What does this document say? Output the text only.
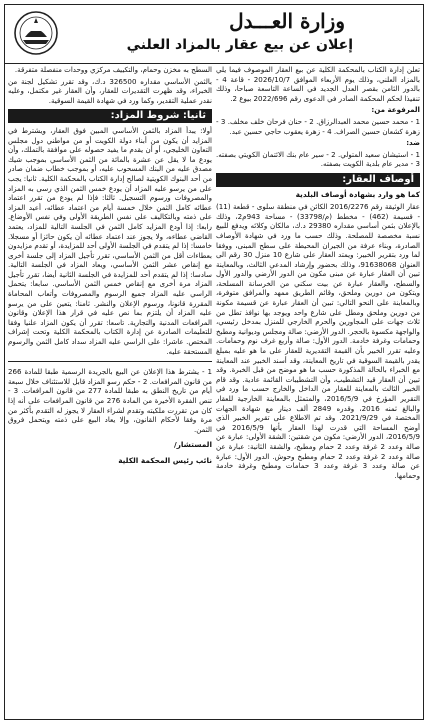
وزارة العـــدل
إعلان عن بيع عقار بالمزاد العلني

تعلن إدارة الكتاب بالمحكمة الكلية عن بيع العقار الموصوف فيما يلي بالمزاد العلني، وذلك يوم الأربعاء الموافق 2026/10/7 - قاعة 4 - بالدور الثامن بقصر العدل الجديد في الساعة التاسعة صباحا، وذلك تنفيذا لحكم المحكمة الصادر في الدعوى رقم 2022/696 بيوع 2.

المرفوعة من:

1 - محمد حسين محمد العبدالرزاق. 2 - حنان فرحان خلف مخلف. 3 - زهرة كشعان حسين الصراف. 4 - زهرة يعقوب حاجي حسين عبد.

ضد:

1 - استيشان سعيد المتولي. 2 - سير عام بنك الائتمان الكويتي بصفته. 3 - مدير عام بلدية الكويت بصفته.

أوصاف العقار:
كما هو وارد بشهادة أوصاف البلدية

عقار الوثيقة رقم 2016/2276 الكائن في منطقة سلوى - قطعة (11) - قسيمة (462) - مخطط (م/33798) - مساحة 943م2، وذلك بالإعلان بثمن أساسي مقداره 29380 د.ك، مالكان وكلائه ويدفع للبيع نسبة مخصصة للمصلحة. وذلك حسب ما ورد في شهادة الأوصاف الصادرة، وبناء عرفة من الجيران المحيطة على سطح المبنى، ووفقا لما ورد بتقرير الخبير: ويمتد العقار على شارع 10 منزل 30 رقم الى العنوان 91638068، وذلك بحضور وإرشاد المدعي الثالث، وبالمعاينة تبين أن العقار عبارة عن مبنى مكون من الدور الأرضي والدور الأول والسطح، والعقار عبارة عن بيت سكني من الخرسانة المسلحة، ويتكون من دورين وملحق، وقائم الطريق ممهد والمرافق متوفرة، وبالمعاينة على النحو التالي: تبين أن العقار عبارة عن قسيمة مكونة من دورين وملحق ومطل على شارع واحد ويوجد بها نوافذ تطل من ثلاث جهات على المجاورين والحرم الخارجي للمنزل بمدخل رئيسي، والواجهة مكسوة بالحجر. الدور الأرضي: صالة ومجلس وديوانية ومطبخ وحمامات وغرفة خادمة. الدور الأول: صالة وأربع غرف نوم وحمامات. وعليه تقرر الخبير بأن القيمة التقديرية للعقار على ما هو عليه بمبلغ يقدر بالقيمة السوقية في تاريخ المعاينة، وقد أسند الخبير عند المعاينة مع الخبراء بالحالة المذكورة حسب ما هو موضح من قبل الخبرة. وقد تبين أن العقار قيد التشطيب، وأن التشطيبات القائمة عادية. وقد قام الخبير الثالث بالمعاينة للعقار من الداخل والخارج حسب ما ورد في التقرير المؤرخ في 2016/5/9، والمتمثل بالمعاينة الخارجية للعقار والبالغ ثمنه 2016، وقدره 2849 ألف دينار مع شهادة الجهات المختصة في 2021/9/29. وقد تم الاطلاع على تقرير الخبير الذي أوضح المساحة التي قدرت لهذا العقار بأنها 2016/5/9 في 2016/5/9، الدور الأرضي: مكون من شقتين: الشقة الأولى: عبارة عن صالة وعدد 2 غرفة وعدد 2 حمام ومطبخ، والشقة الثانية: عبارة عن صالة وعدد 2 غرفة وعدد 2 حمام ومطبخ وحوش. الدور الأول: عبارة عن صالة وعدد 3 غرفة وعدد 3 حمامات ومطبخ وغرفة خادمة وحمامها.

السطح به مخزن وحمام، والتكييف مركزي ووحدات منفصلة متفرقة.

بالثمن الأساسي مقداره 326500 د.ك، وقد تقرر تشكيل لجنة من الخبراء، وقد ظهرت التقديرات للعقار، وأن العقار غير مكتمل، وعليه نقدر عملية التقدير، وكما ورد في شهادة القيمة السوقية.

ثانيا: شروط المزاد:

أولا: يبدأ المزاد بالثمن الأساسي المبين فوق العقار، ويشترط في المزايد أن يكون من أبناء دولة الكويت أو من مواطني دول مجلس التعاون الخليجي، أو أن يقدم ما يفيد حصوله على موافقة بالتملك، وأن يودع ما لا يقل عن عشرة بالمائة من الثمن الأساسي بموجب شيك مصدق عليه من البنك المسحوب عليه، أو بموجب خطاب ضمان صادر من أحد البنوك الكويتية لصالح إدارة الكتاب بالمحكمة الكلية. ثانيا: يجب على من يرسو عليه المزاد أن يودع خمس الثمن الذي رسى به المزاد والمصروفات ورسوم التسجيل. ثالثا: فإذا لم يودع من تقرر اعتماد عطائه كامل الثمن خلال خمسة أيام من اعتماد عطائه، أعيد المزاد على ذمته وبالتكاليف على نفس الطريقة الأولى وفي نفس الأوضاع. رابعا: إذا أودع المزايد كامل الثمن في الجلسة التالية للمزاد، يعتمد القاضي عطاءه، ولا يجوز عند اعتماد عطائه أن يكون حائزا أو مسجلا. خامسا: إذا لم يتقدم في الجلسة الأولى أحد للمزايدة، أو تقدم مزايدون بعطاءات أقل من الثمن الأساسي، تقرر تأجيل المزاد إلى جلسة أخرى مع إنقاص عشر الثمن الأساسي، ويعاد المزاد في الجلسة التالية. سادسا: إذا لم يتقدم أحد للمزايدة في الجلسة الثانية أيضا، تقرر تأجيل المزاد مرة أخرى مع إنقاص خمس الثمن الأساسي. سابعا: يتحمل الراسي عليه المزاد جميع الرسوم والمصروفات وأتعاب المحاماة المقررة قانونا، ورسوم الإعلان والنشر. ثامنا: يتعين على من يرسو عليه المزاد أن يلتزم بما نص عليه في قرار هذا الإعلان وقانون المرافعات المدنية والتجارية. تاسعا: تقرر أن يكون المزاد علنيا وفقا للتعليمات الصادرة عن إدارة الكتاب بالمحكمة الكلية وتحت إشراف المختص. عاشرا: على الراسي عليه المزاد سداد كامل الثمن والرسوم المستحقة عليه.

1 - يشترط هذا الإعلان عن البيع بالجريدة الرسمية طبقا للمادة 266 من قانون المرافعات. 2 - حكم رسو المزاد قابل للاستئناف خلال سبعة أيام من تاريخ النطق به طبقا للمادة 277 من قانون المرافعات. 3 - تنص الفقرة الأخيرة من المادة 276 من قانون المرافعات على أنه إذا كان من تقررت ملكيته وتقدم لشراء العقار لا يجوز له التقدم بأكثر من مرة وفقا لأحكام القانون، وإلا يعاد البيع على ذمته ويتحمل فروق الثمن.

المستشار/
نائب رئيس المحكمة الكلية
